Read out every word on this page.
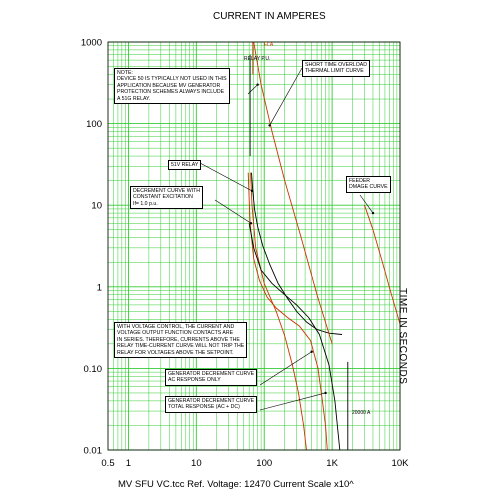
0.5 1	10	100	1K	10K
1000
100
10
1
0.10
0.01
CURRENT IN AMPERES
TIME IN SECONDS
MV SFU VC.tcc Ref. Voltage: 12470 Current Scale x10^
NOTE:
DEVICE 50 IS TYPICALLY NOT USED IN THIS
APPLICATION BECAUSE MV GENERATOR
PROTECTION SCHEMES ALWAYS INCLUDE
A 51G RELAY.
SHORT TIME OVERLOAD
THERMAL LIMIT CURVE
51V RELAY
DECREMENT CURVE WITH
CONSTANT EXCITATION
If= 1.0 p.u.
FEEDER
DMAGE CURVE
WITH VOLTAGE CONTROL, THE CURRENT AND
VOLTAGE OUTPUT FUNCTION CONTACTS ARE
IN SERIES. THEREFORE, CURRENTS ABOVE THE
RELAY TIME-CURRENT CURVE WILL NOT TRIP THE
RELAY FOR VOLTAGES ABOVE THE SETPOINT.
GENERATOR DECREMENT CURVE
AC RESPONSE ONLY
GENERATOR DECREMENT CURVE
TOTAL RESPONSE (AC + DC)
FLA
RELAY P.U.
20000 A
